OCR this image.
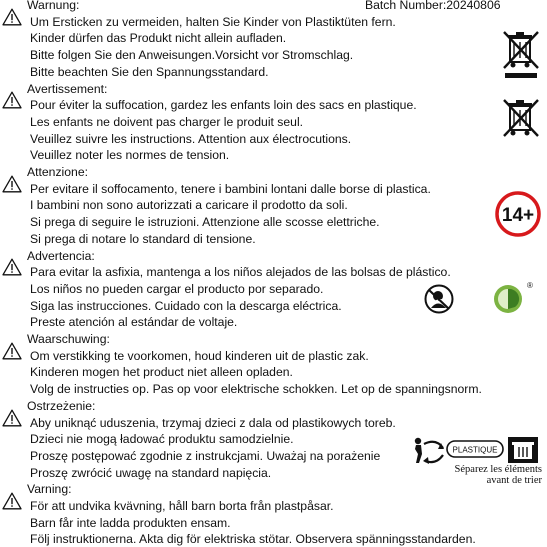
Warnung:
Um Ersticken zu vermeiden, halten Sie Kinder von Plastiktüten fern.
Kinder dürfen das Produkt nicht allein aufladen.
Bitte folgen Sie den Anweisungen.Vorsicht vor Stromschlag.
Bitte beachten Sie den Spannungsstandard.
Avertissement:
Pour éviter la suffocation, gardez les enfants loin des sacs en plastique.
Les enfants ne doivent pas charger le produit seul.
Veuillez suivre les instructions. Attention aux électrocutions.
Veuillez noter les normes de tension.
Attenzione:
Per evitare il soffocamento, tenere i bambini lontani dalle borse di plastica.
I bambini non sono autorizzati a caricare il prodotto da soli.
Si prega di seguire le istruzioni. Attenzione alle scosse elettriche.
Si prega di notare lo standard di tensione.
Advertencia:
Para evitar la asfixia, mantenga a los niños alejados de las bolsas de plástico.
Los niños no pueden cargar el producto por separado.
Siga las instrucciones. Cuidado con la descarga eléctrica.
Preste atención al estándar de voltaje.
Waarschuwing:
Om verstikking te voorkomen, houd kinderen uit de plastic zak.
Kinderen mogen het product niet alleen opladen.
Volg de instructies op. Pas op voor elektrische schokken. Let op de spanningsnorm.
Ostrzeżenie:
Aby uniknąć uduszenia, trzymaj dzieci z dala od plastikowych toreb.
Dzieci nie mogą ładować produktu samodzielnie.
Proszę postępować zgodnie z instrukcjami. Uważaj na porażenie
Proszę zwrócić uwagę na standard napięcia.
Varning:
För att undvika kvävning, håll barn borta från plastpåsar.
Barn får inte ladda produkten ensam.
Följ instruktionerna. Akta dig för elektriska stötar. Observera spänningsstandarden.
Batch Number:20240806
14+
®
PLASTIQUE
Séparez les éléments
avant de trier
